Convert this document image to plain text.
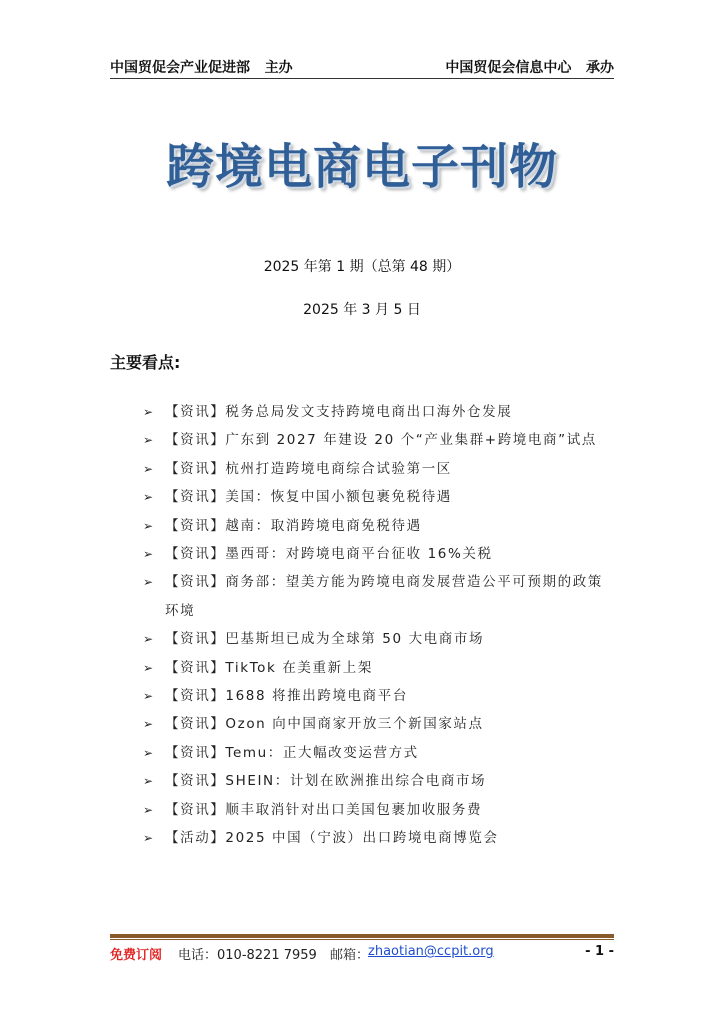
中国贸促会产业促进部   主办	中国贸促会信息中心   承办
跨境电商电子刊物
2025 年第 1 期（总第 48 期）
2025 年 3 月 5 日
主要看点:
➢ 【资讯】税务总局发文支持跨境电商出口海外仓发展
➢ 【资讯】广东到 2027 年建设 20 个“产业集群+跨境电商”试点
➢ 【资讯】杭州打造跨境电商综合试验第一区
➢ 【资讯】美国：恢复中国小额包裹免税待遇
➢ 【资讯】越南：取消跨境电商免税待遇
➢ 【资讯】墨西哥：对跨境电商平台征收 16%关税
➢ 【资讯】商务部：望美方能为跨境电商发展营造公平可预期的政策环境
➢ 【资讯】巴基斯坦已成为全球第 50 大电商市场
➢ 【资讯】TikTok 在美重新上架
➢ 【资讯】1688 将推出跨境电商平台
➢ 【资讯】Ozon 向中国商家开放三个新国家站点
➢ 【资讯】Temu：正大幅改变运营方式
➢ 【资讯】SHEIN：计划在欧洲推出综合电商市场
➢ 【资讯】顺丰取消针对出口美国包裹加收服务费
➢ 【活动】2025 中国（宁波）出口跨境电商博览会
免费订阅 电话：010-8221 7959 邮箱：
zhaotian@ccpit.org	- 1 -
